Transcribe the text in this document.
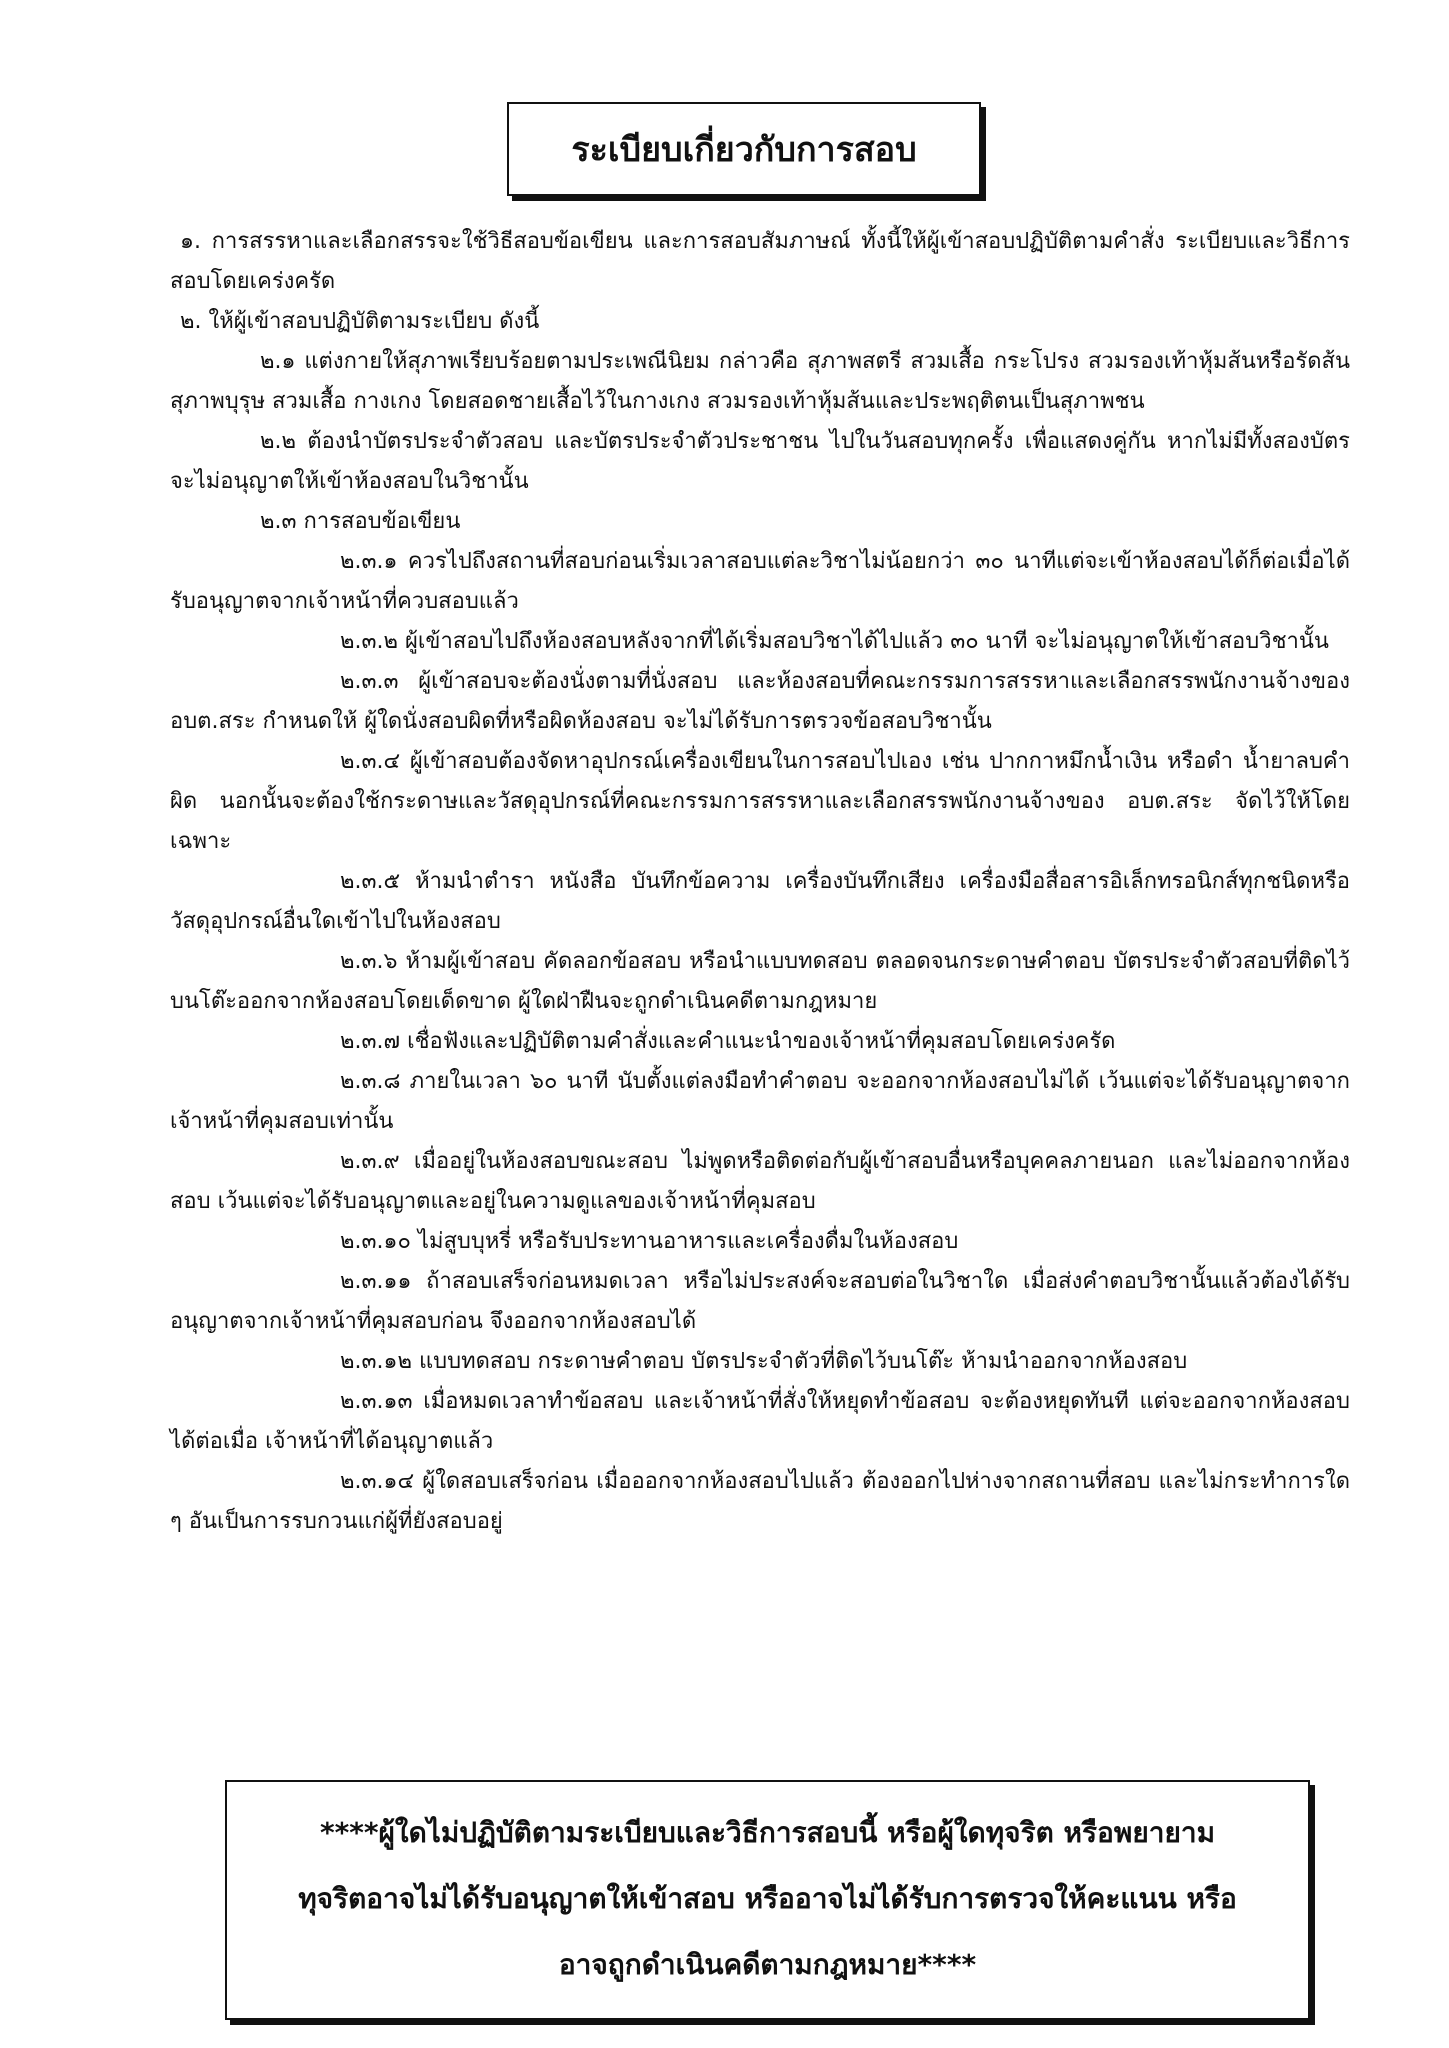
ระเบียบเกี่ยวกับการสอบ

๑. การสรรหาและเลือกสรรจะใช้วิธีสอบข้อเขียน และการสอบสัมภาษณ์ ทั้งนี้ให้ผู้เข้าสอบปฏิบัติตามคำสั่ง ระเบียบและวิธีการสอบโดยเคร่งครัด

๒. ให้ผู้เข้าสอบปฏิบัติตามระเบียบ ดังนี้

๒.๑ แต่งกายให้สุภาพเรียบร้อยตามประเพณีนิยม กล่าวคือ สุภาพสตรี สวมเสื้อ กระโปรง สวมรองเท้าหุ้มส้นหรือรัดส้น สุภาพบุรุษ สวมเสื้อ กางเกง โดยสอดชายเสื้อไว้ในกางเกง สวมรองเท้าหุ้มส้นและประพฤติตนเป็นสุภาพชน

๒.๒ ต้องนำบัตรประจำตัวสอบ และบัตรประจำตัวประชาชน ไปในวันสอบทุกครั้ง เพื่อแสดงคู่กัน หากไม่มีทั้งสองบัตร จะไม่อนุญาตให้เข้าห้องสอบในวิชานั้น

๒.๓ การสอบข้อเขียน

๒.๓.๑ ควรไปถึงสถานที่สอบก่อนเริ่มเวลาสอบแต่ละวิชาไม่น้อยกว่า ๓๐ นาทีแต่จะเข้าห้องสอบได้ก็ต่อเมื่อได้รับอนุญาตจากเจ้าหน้าที่ควบสอบแล้ว

๒.๓.๒ ผู้เข้าสอบไปถึงห้องสอบหลังจากที่ได้เริ่มสอบวิชาได้ไปแล้ว ๓๐ นาที จะไม่อนุญาตให้เข้าสอบวิชานั้น

๒.๓.๓ ผู้เข้าสอบจะต้องนั่งตามที่นั่งสอบ และห้องสอบที่คณะกรรมการสรรหาและเลือกสรรพนักงานจ้างของ อบต.สระ กำหนดให้ ผู้ใดนั่งสอบผิดที่หรือผิดห้องสอบ จะไม่ได้รับการตรวจข้อสอบวิชานั้น

๒.๓.๔ ผู้เข้าสอบต้องจัดหาอุปกรณ์เครื่องเขียนในการสอบไปเอง เช่น ปากกาหมึกน้ำเงิน หรือดำ น้ำยาลบคำผิด นอกนั้นจะต้องใช้กระดาษและวัสดุอุปกรณ์ที่คณะกรรมการสรรหาและเลือกสรรพนักงานจ้างของ อบต.สระ จัดไว้ให้โดยเฉพาะ

๒.๓.๕ ห้ามนำตำรา หนังสือ บันทึกข้อความ เครื่องบันทึกเสียง เครื่องมือสื่อสารอิเล็กทรอนิกส์ทุกชนิดหรือวัสดุอุปกรณ์อื่นใดเข้าไปในห้องสอบ

๒.๓.๖ ห้ามผู้เข้าสอบ คัดลอกข้อสอบ หรือนำแบบทดสอบ ตลอดจนกระดาษคำตอบ บัตรประจำตัวสอบที่ติดไว้บนโต๊ะออกจากห้องสอบโดยเด็ดขาด ผู้ใดฝ่าฝืนจะถูกดำเนินคดีตามกฎหมาย

๒.๓.๗ เชื่อฟังและปฏิบัติตามคำสั่งและคำแนะนำของเจ้าหน้าที่คุมสอบโดยเคร่งครัด

๒.๓.๘ ภายในเวลา ๖๐ นาที นับตั้งแต่ลงมือทำคำตอบ จะออกจากห้องสอบไม่ได้ เว้นแต่จะได้รับอนุญาตจากเจ้าหน้าที่คุมสอบเท่านั้น

๒.๓.๙ เมื่ออยู่ในห้องสอบขณะสอบ ไม่พูดหรือติดต่อกับผู้เข้าสอบอื่นหรือบุคคลภายนอก และไม่ออกจากห้องสอบ เว้นแต่จะได้รับอนุญาตและอยู่ในความดูแลของเจ้าหน้าที่คุมสอบ

๒.๓.๑๐ ไม่สูบบุหรี่ หรือรับประทานอาหารและเครื่องดื่มในห้องสอบ

๒.๓.๑๑ ถ้าสอบเสร็จก่อนหมดเวลา หรือไม่ประสงค์จะสอบต่อในวิชาใด เมื่อส่งคำตอบวิชานั้นแล้วต้องได้รับอนุญาตจากเจ้าหน้าที่คุมสอบก่อน จึงออกจากห้องสอบได้

๒.๓.๑๒ แบบทดสอบ กระดาษคำตอบ บัตรประจำตัวที่ติดไว้บนโต๊ะ ห้ามนำออกจากห้องสอบ

๒.๓.๑๓ เมื่อหมดเวลาทำข้อสอบ และเจ้าหน้าที่สั่งให้หยุดทำข้อสอบ จะต้องหยุดทันที แต่จะออกจากห้องสอบได้ต่อเมื่อ เจ้าหน้าที่ได้อนุญาตแล้ว

๒.๓.๑๔ ผู้ใดสอบเสร็จก่อน เมื่อออกจากห้องสอบไปแล้ว ต้องออกไปห่างจากสถานที่สอบ และไม่กระทำการใด ๆ อันเป็นการรบกวนแก่ผู้ที่ยังสอบอยู่

****ผู้ใดไม่ปฏิบัติตามระเบียบและวิธีการสอบนี้ หรือผู้ใดทุจริต หรือพยายามทุจริตอาจไม่ได้รับอนุญาตให้เข้าสอบ หรืออาจไม่ได้รับการตรวจให้คะแนน หรืออาจถูกดำเนินคดีตามกฎหมาย****
